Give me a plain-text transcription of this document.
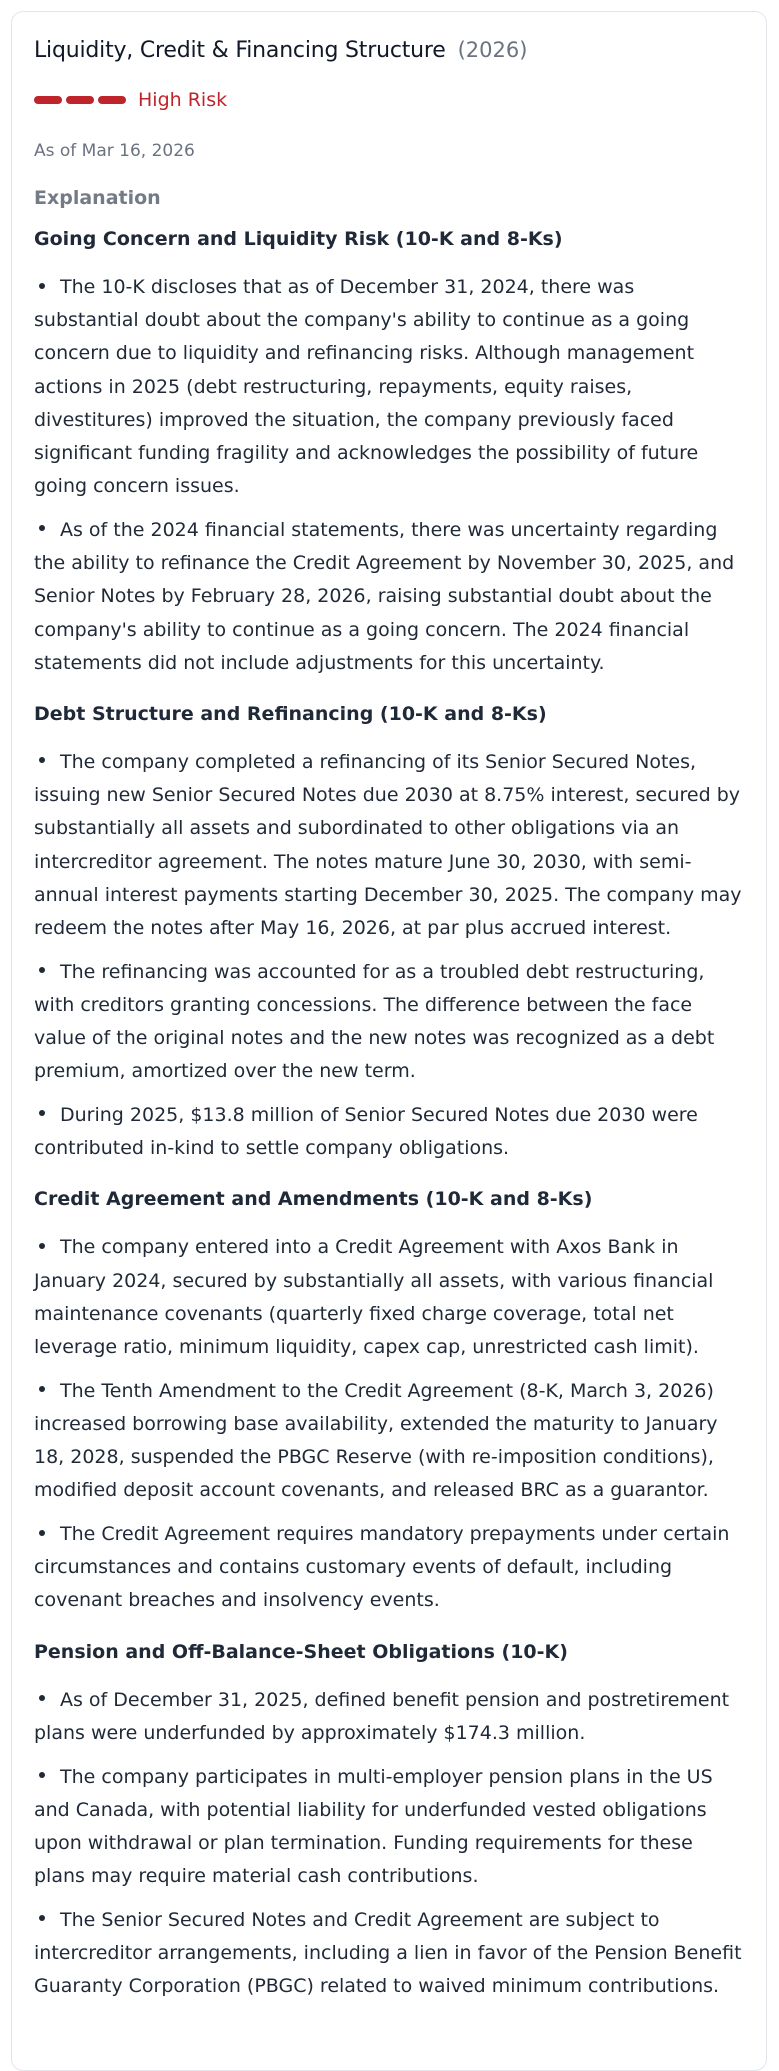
Liquidity, Credit & Financing Structure (2026)
High Risk
As of Mar 16, 2026
Explanation
Going Concern and Liquidity Risk (10-K and 8-Ks)
The 10-K discloses that as of December 31, 2024, there was substantial doubt about the company's ability to continue as a going concern due to liquidity and refinancing risks. Although management actions in 2025 (debt restructuring, repayments, equity raises, divestitures) improved the situation, the company previously faced significant funding fragility and acknowledges the possibility of future going concern issues.
As of the 2024 financial statements, there was uncertainty regarding the ability to refinance the Credit Agreement by November 30, 2025, and Senior Notes by February 28, 2026, raising substantial doubt about the company's ability to continue as a going concern. The 2024 financial statements did not include adjustments for this uncertainty.
Debt Structure and Refinancing (10-K and 8-Ks)
The company completed a refinancing of its Senior Secured Notes, issuing new Senior Secured Notes due 2030 at 8.75% interest, secured by substantially all assets and subordinated to other obligations via an intercreditor agreement. The notes mature June 30, 2030, with semi-annual interest payments starting December 30, 2025. The company may redeem the notes after May 16, 2026, at par plus accrued interest.
The refinancing was accounted for as a troubled debt restructuring, with creditors granting concessions. The difference between the face value of the original notes and the new notes was recognized as a debt premium, amortized over the new term.
During 2025, $13.8 million of Senior Secured Notes due 2030 were contributed in-kind to settle company obligations.
Credit Agreement and Amendments (10-K and 8-Ks)
The company entered into a Credit Agreement with Axos Bank in January 2024, secured by substantially all assets, with various financial maintenance covenants (quarterly fixed charge coverage, total net leverage ratio, minimum liquidity, capex cap, unrestricted cash limit).
The Tenth Amendment to the Credit Agreement (8-K, March 3, 2026) increased borrowing base availability, extended the maturity to January 18, 2028, suspended the PBGC Reserve (with re-imposition conditions), modified deposit account covenants, and released BRC as a guarantor.
The Credit Agreement requires mandatory prepayments under certain circumstances and contains customary events of default, including covenant breaches and insolvency events.
Pension and Off-Balance-Sheet Obligations (10-K)
As of December 31, 2025, defined benefit pension and postretirement plans were underfunded by approximately $174.3 million.
The company participates in multi-employer pension plans in the US and Canada, with potential liability for underfunded vested obligations upon withdrawal or plan termination. Funding requirements for these plans may require material cash contributions.
The Senior Secured Notes and Credit Agreement are subject to intercreditor arrangements, including a lien in favor of the Pension Benefit Guaranty Corporation (PBGC) related to waived minimum contributions.
